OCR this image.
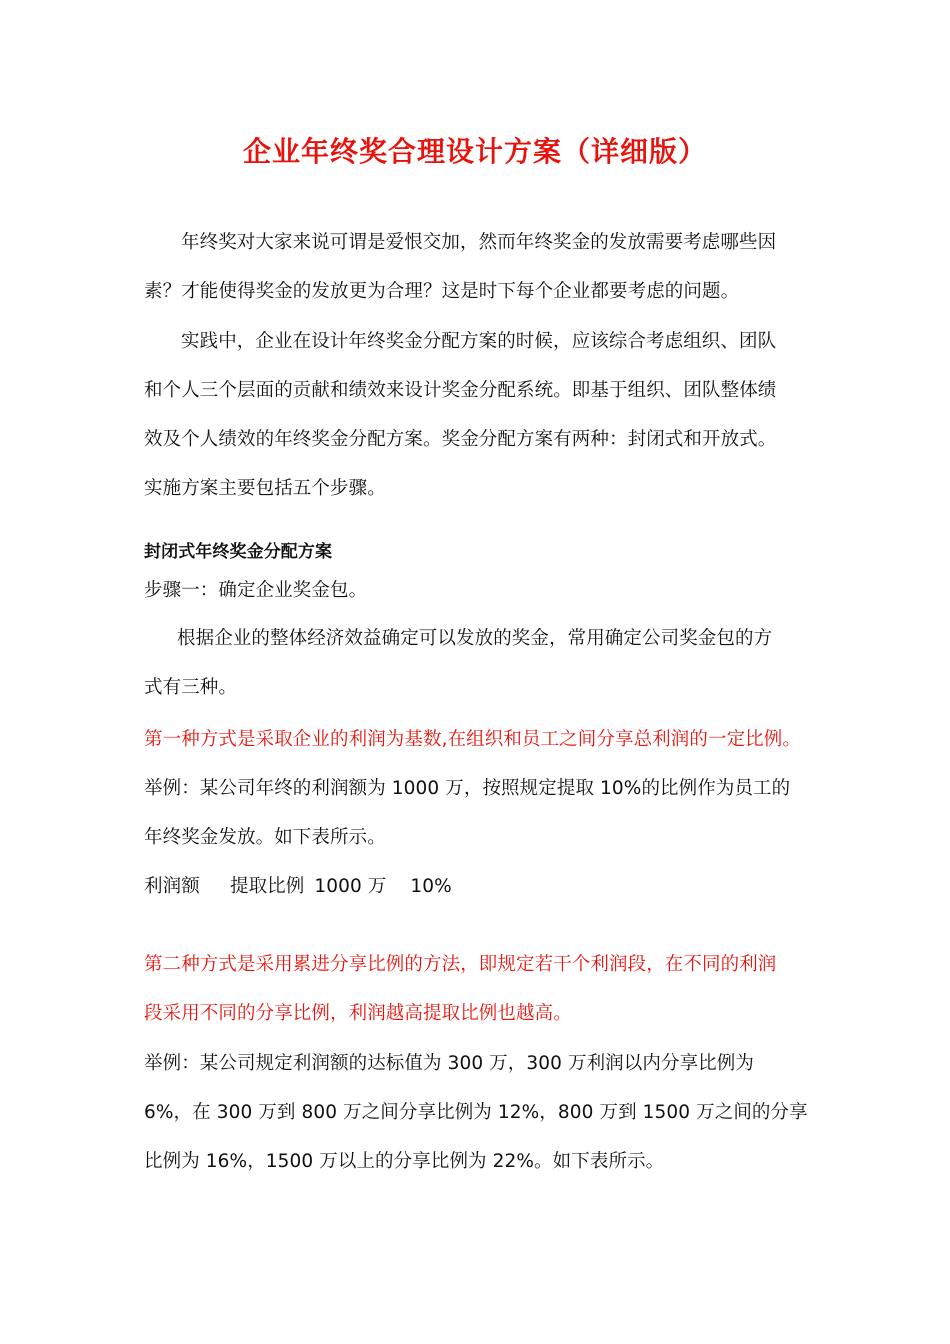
企业年终奖合理设计方案（详细版）
年终奖对大家来说可谓是爱恨交加，然而年终奖金的发放需要考虑哪些因
素？才能使得奖金的发放更为合理？这是时下每个企业都要考虑的问题。
实践中，企业在设计年终奖金分配方案的时候，应该综合考虑组织、团队
和个人三个层面的贡献和绩效来设计奖金分配系统。即基于组织、团队整体绩
效及个人绩效的年终奖金分配方案。奖金分配方案有两种：封闭式和开放式。
实施方案主要包括五个步骤。
封闭式年终奖金分配方案
步骤一：确定企业奖金包。
根据企业的整体经济效益确定可以发放的奖金，常用确定公司奖金包的方
式有三种。
第一种方式是采取企业的利润为基数,在组织和员工之间分享总利润的一定比例。
举例：某公司年终的利润额为 1000 万，按照规定提取 10%的比例作为员工的
年终奖金发放。如下表所示。
利润额 提取比例 1000 万 10%
第二种方式是采用累进分享比例的方法，即规定若干个利润段，在不同的利润
段采用不同的分享比例，利润越高提取比例也越高。
举例：某公司规定利润额的达标值为 300 万，300 万利润以内分享比例为
6%，在 300 万到 800 万之间分享比例为 12%，800 万到 1500 万之间的分享
比例为 16%，1500 万以上的分享比例为 22%。如下表所示。
